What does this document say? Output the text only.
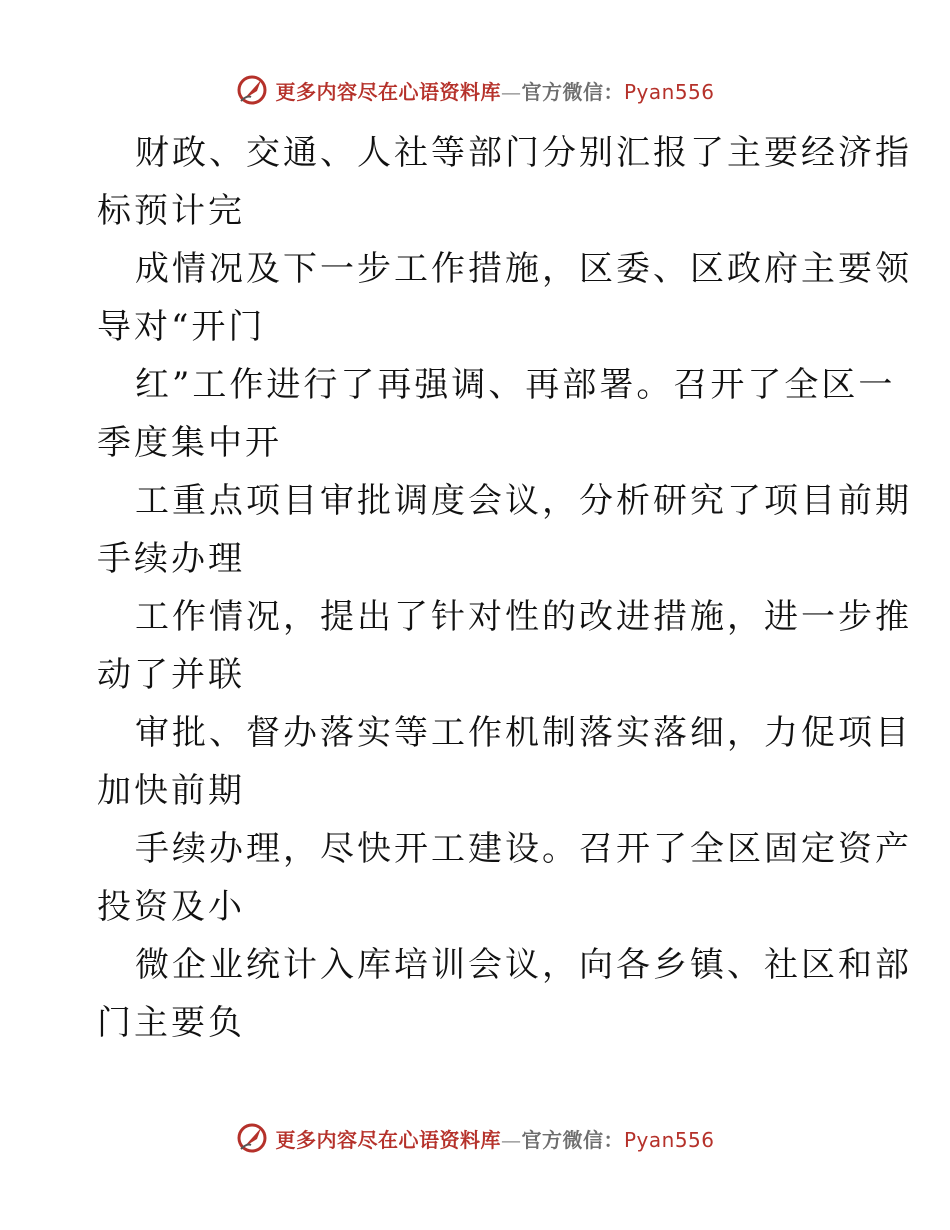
更多内容尽在心语资料库—官方微信：Pyan556

财政、交通、人社等部门分别汇报了主要经济指
标预计完

成情况及下一步工作措施，区委、区政府主要领
导对“开门

红”工作进行了再强调、再部署。召开了全区一
季度集中开

工重点项目审批调度会议，分析研究了项目前期
手续办理

工作情况，提出了针对性的改进措施，进一步推
动了并联

审批、督办落实等工作机制落实落细，力促项目
加快前期

手续办理，尽快开工建设。召开了全区固定资产
投资及小

微企业统计入库培训会议，向各乡镇、社区和部
门主要负

更多内容尽在心语资料库—官方微信：Pyan556
